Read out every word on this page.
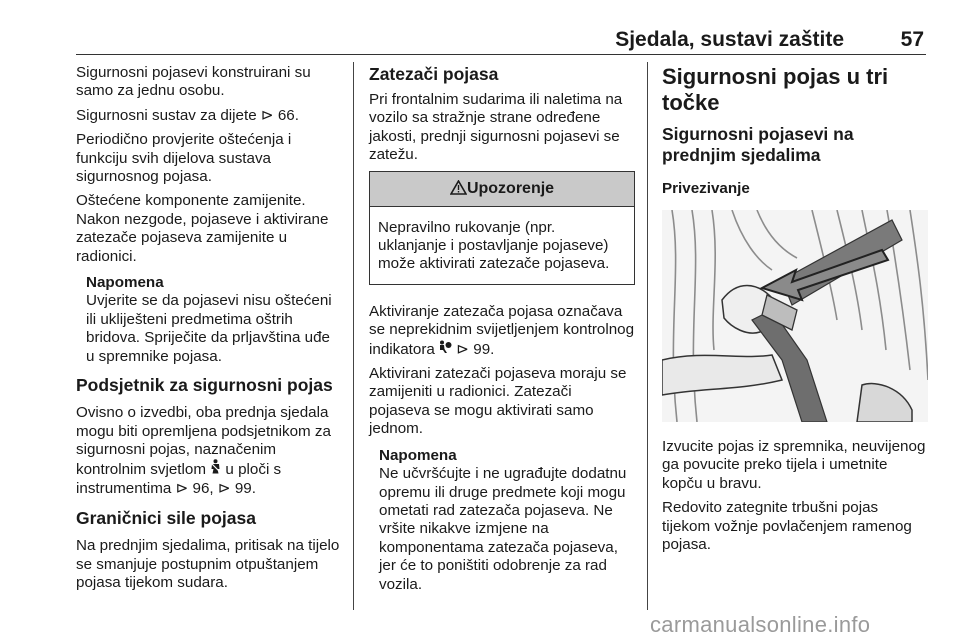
Sjedala, sustavi zaštite	57

Sigurnosni pojasevi konstruirani su samo za jednu osobu.

Sigurnosni sustav za dijete ⊳ 66.

Periodično provjerite oštećenja i funkciju svih dijelova sustava sigurnosnog pojasa.

Oštećene komponente zamijenite. Nakon nezgode, pojaseve i aktivirane zatezače pojaseva zamijenite u radionici.

Napomena
Uvjerite se da pojasevi nisu oštećeni ili ukliješteni predmetima oštrih bridova. Spriječite da prljavština uđe u spremnike pojasa.
Podsjetnik za sigurnosni pojas

Ovisno o izvedbi, oba prednja sjedala mogu biti opremljena podsjetnikom za sigurnosni pojas, naznačenim kontrolnim svjetlom  u ploči s instrumentima ⊳ 96, ⊳ 99.

Graničnici sile pojasa

Na prednjim sjedalima, pritisak na tijelo se smanjuje postupnim otpuštanjem pojasa tijekom sudara.

Zatezači pojasa

Pri frontalnim sudarima ili naletima na vozilo sa stražnje strane određene jakosti, prednji sigurnosni pojasevi se zatežu.

Upozorenje
Nepravilno rukovanje (npr. uklanjanje i postavljanje pojaseve) može aktivirati zatezače pojaseva.

Aktiviranje zatezača pojasa označava se neprekidnim svijetljenjem kontrolnog indikatora  ⊳ 99.

Aktivirani zatezači pojaseva moraju se zamijeniti u radionici. Zatezači pojaseva se mogu aktivirati samo jednom.

Napomena
Ne učvršćujte i ne ugrađujte dodatnu opremu ili druge predmete koji mogu ometati rad zatezača pojaseva. Ne vršite nikakve izmjene na komponentama zatezača pojaseva, jer će to poništiti odobrenje za rad vozila.
Sigurnosni pojas u tri točke
Sigurnosni pojasevi na prednjim sjedalima
Privezivanje

Izvucite pojas iz spremnika, neuvijenog ga povucite preko tijela i umetnite kopču u bravu.

Redovito zategnite trbušni pojas tijekom vožnje povlačenjem ramenog pojasa.

carmanualsonline.info
